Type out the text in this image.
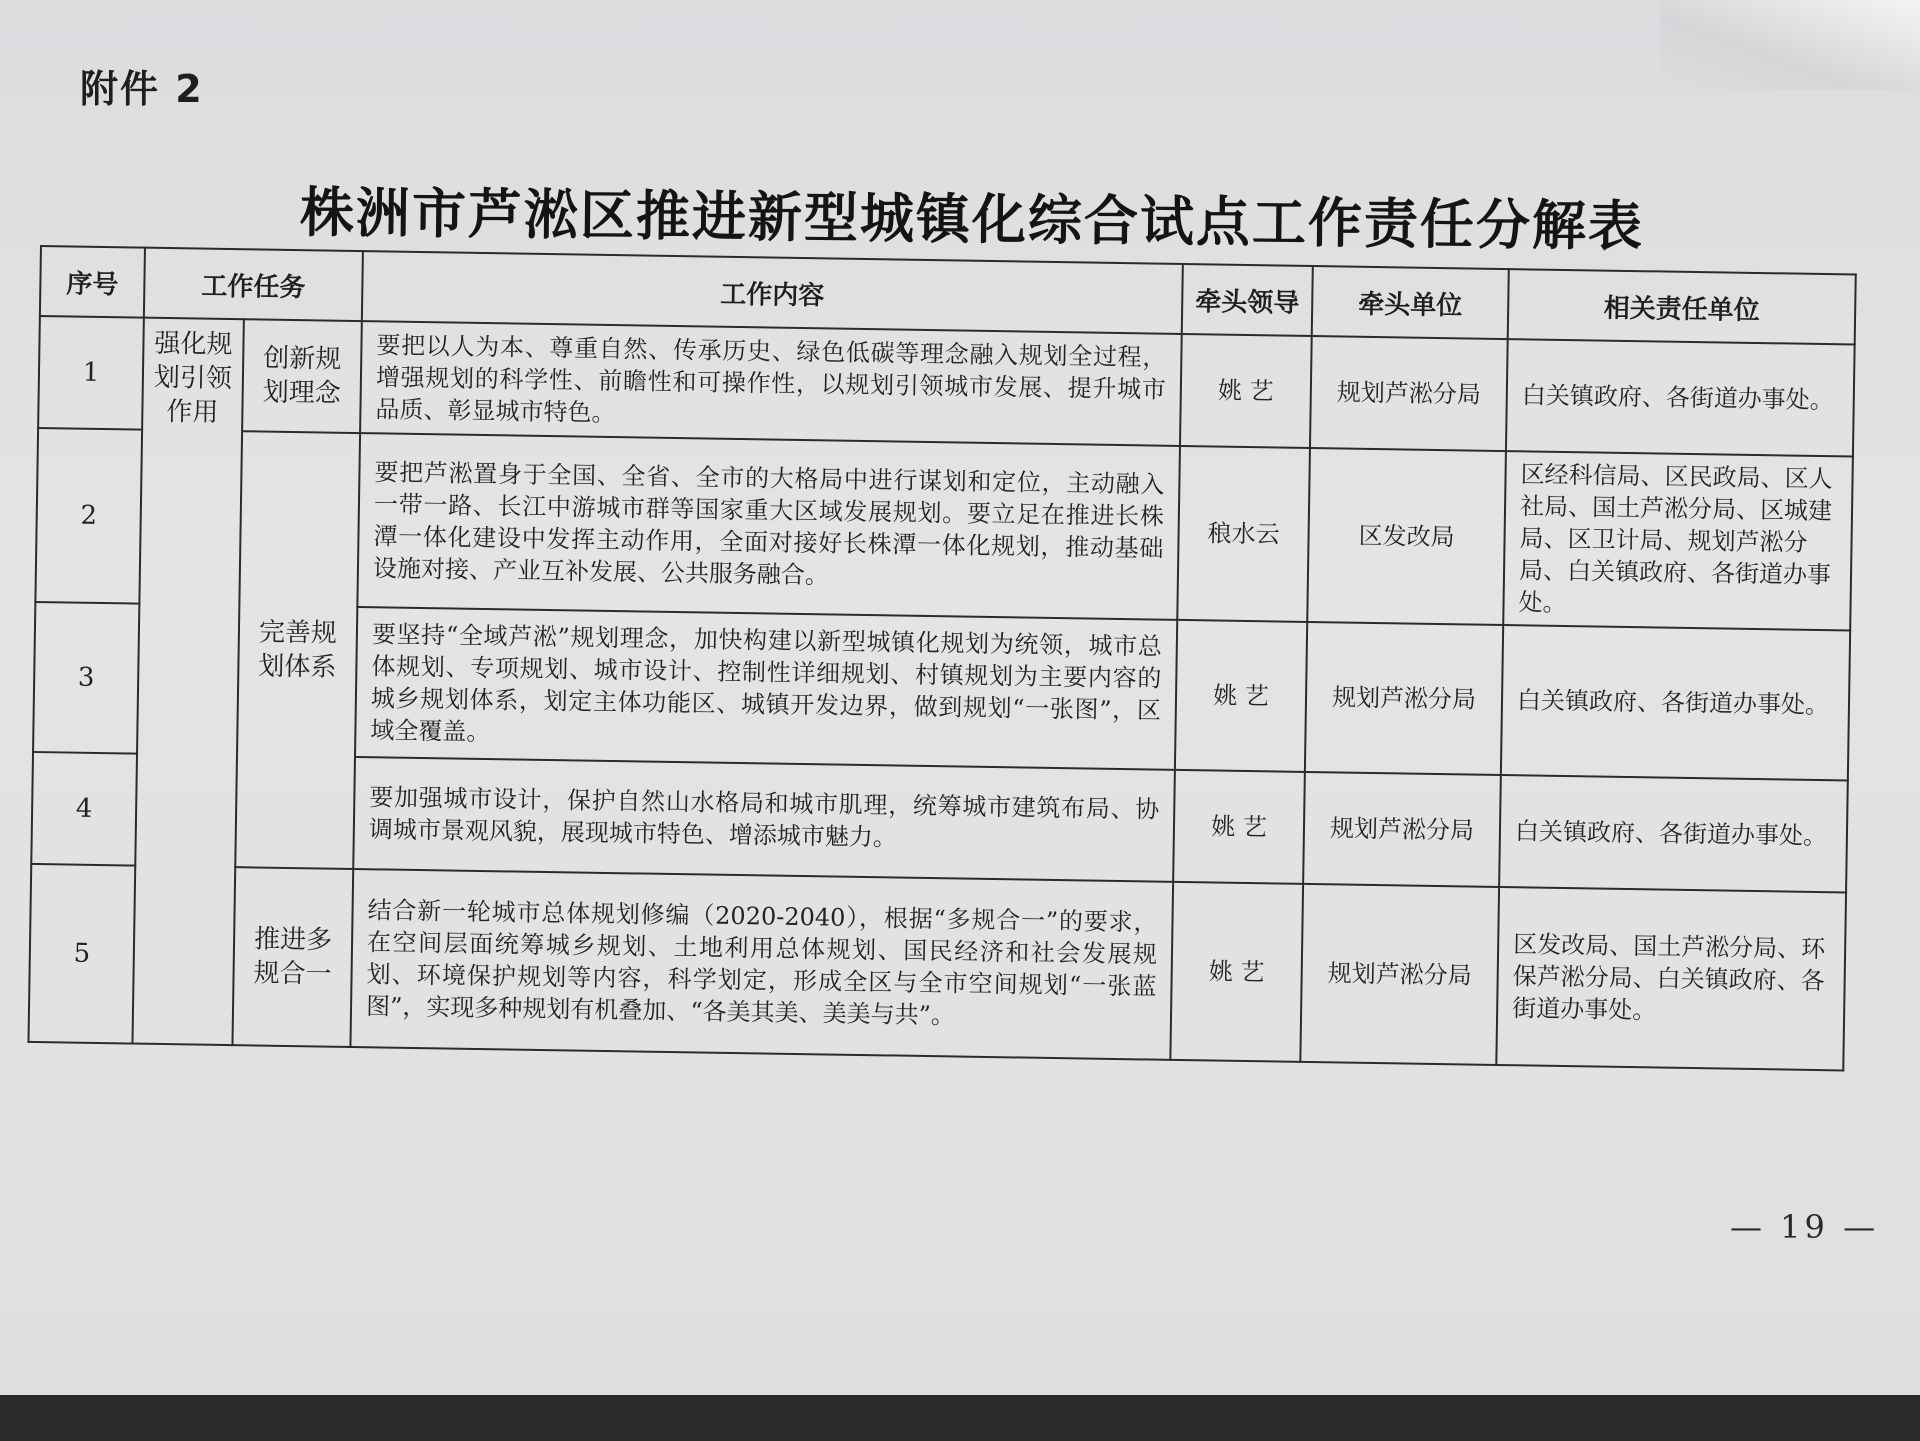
附件 2
株洲市芦淞区推进新型城镇化综合试点工作责任分解表
序号	工作任务		工作内容	牵头领导	牵头单位	相关责任单位
1	强化规划引领作用	创新规划理念	要把以人为本、尊重自然、传承历史、绿色低碳等理念融入规划全过程，增强规划的科学性、前瞻性和可操作性，以规划引领城市发展、提升城市品质、彰显城市特色。	姚 艺	规划芦淞分局	白关镇政府、各街道办事处。
2		完善规划体系	要把芦淞置身于全国、全省、全市的大格局中进行谋划和定位，主动融入一带一路、长江中游城市群等国家重大区域发展规划。要立足在推进长株潭一体化建设中发挥主动作用，全面对接好长株潭一体化规划，推动基础设施对接、产业互补发展、公共服务融合。	稂水云	区发改局	区经科信局、区民政局、区人社局、国土芦淞分局、区城建局、区卫计局、规划芦淞分局、白关镇政府、各街道办事处。
3			要坚持“全域芦淞”规划理念，加快构建以新型城镇化规划为统领，城市总体规划、专项规划、城市设计、控制性详细规划、村镇规划为主要内容的城乡规划体系，划定主体功能区、城镇开发边界，做到规划“一张图”，区域全覆盖。	姚 艺	规划芦淞分局	白关镇政府、各街道办事处。
4			要加强城市设计，保护自然山水格局和城市肌理，统筹城市建筑布局、协调城市景观风貌，展现城市特色、增添城市魅力。	姚 艺	规划芦淞分局	白关镇政府、各街道办事处。
5		推进多规合一	结合新一轮城市总体规划修编（2020-2040），根据“多规合一”的要求，在空间层面统筹城乡规划、土地利用总体规划、国民经济和社会发展规划、环境保护规划等内容，科学划定，形成全区与全市空间规划“一张蓝图”，实现多种规划有机叠加、“各美其美、美美与共”。	姚 艺	规划芦淞分局	区发改局、国土芦淞分局、环保芦淞分局、白关镇政府、各街道办事处。
— 19 —
